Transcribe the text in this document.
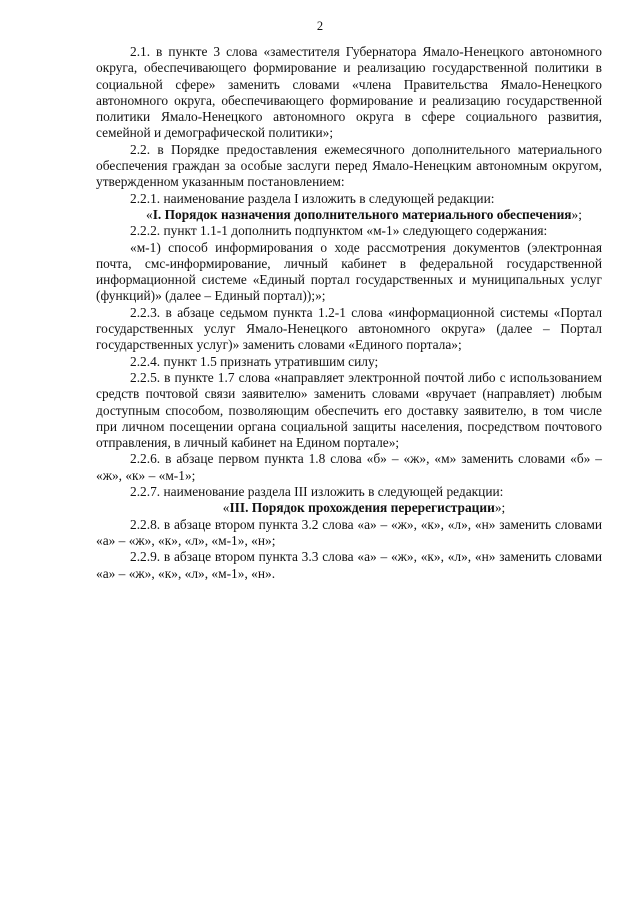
2

2.1. в пункте 3 слова «заместителя Губернатора Ямало-Ненецкого автономного округа, обеспечивающего формирование и реализацию государственной политики в социальной сфере» заменить словами «члена Правительства Ямало-Ненецкого автономного округа, обеспечивающего формирование и реализацию государственной политики Ямало-Ненецкого автономного округа в сфере социального развития, семейной и демографической политики»;

2.2. в Порядке предоставления ежемесячного дополнительного материального обеспечения граждан за особые заслуги перед Ямало-Ненецким автономным округом, утвержденном указанным постановлением:

2.2.1. наименование раздела I изложить в следующей редакции:

«I. Порядок назначения дополнительного материального обеспечения»;

2.2.2. пункт 1.1-1 дополнить подпунктом «м-1» следующего содержания:

«м-1) способ информирования о ходе рассмотрения документов (электронная почта, смс-информирование, личный кабинет в федеральной государственной информационной системе «Единый портал государственных и муниципальных услуг (функций)» (далее – Единый портал));»;

2.2.3. в абзаце седьмом пункта 1.2-1 слова «информационной системы «Портал государственных услуг Ямало-Ненецкого автономного округа» (далее – Портал государственных услуг)» заменить словами «Единого портала»;

2.2.4. пункт 1.5 признать утратившим силу;

2.2.5. в пункте 1.7 слова «направляет электронной почтой либо с использованием средств почтовой связи заявителю» заменить словами «вручает (направляет) любым доступным способом, позволяющим обеспечить его доставку заявителю, в том числе при личном посещении органа социальной защиты населения, посредством почтового отправления, в личный кабинет на Едином портале»;

2.2.6. в абзаце первом пункта 1.8 слова «б» – «ж», «м» заменить словами «б» – «ж», «к» – «м-1»;

2.2.7. наименование раздела III изложить в следующей редакции:

«III. Порядок прохождения перерегистрации»;

2.2.8. в абзаце втором пункта 3.2 слова «а» – «ж», «к», «л», «н» заменить словами «а» – «ж», «к», «л», «м-1», «н»;

2.2.9. в абзаце втором пункта 3.3 слова «а» – «ж», «к», «л», «н» заменить словами «а» – «ж», «к», «л», «м-1», «н».
